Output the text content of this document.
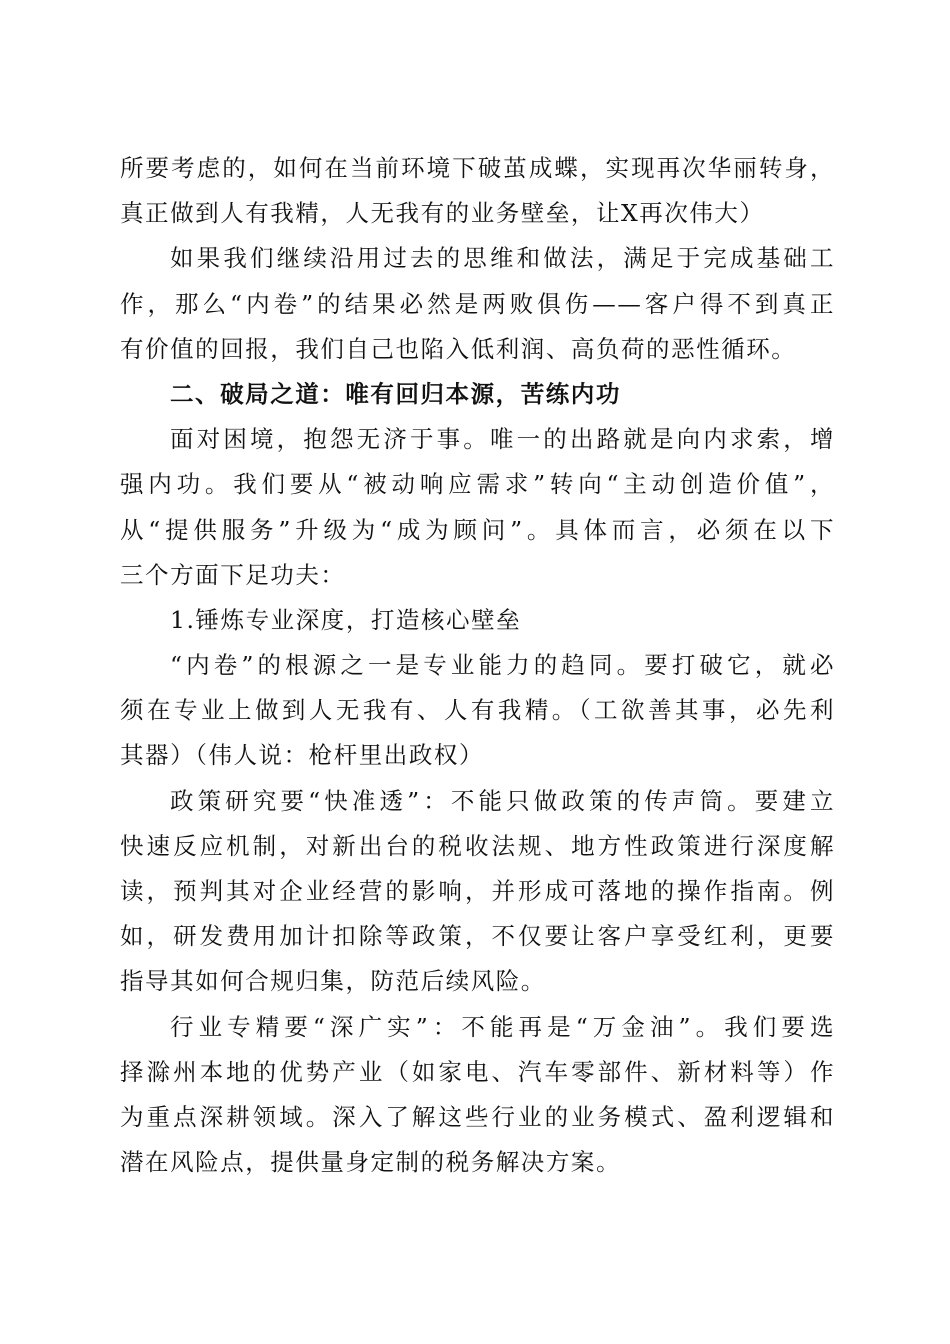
所要考虑的，如何在当前环境下破茧成蝶，实现再次华丽转身，
真正做到人有我精，人无我有的业务壁垒，让X再次伟大）
如果我们继续沿用过去的思维和做法，满足于完成基础工
作，那么“内卷”的结果必然是两败俱伤——客户得不到真正
有价值的回报，我们自己也陷入低利润、高负荷的恶性循环。
二、破局之道：唯有回归本源，苦练内功
面对困境，抱怨无济于事。唯一的出路就是向内求索，增
强内功。我们要从“被动响应需求”转向“主动创造价值”，
从“提供服务”升级为“成为顾问”。具体而言，必须在以下
三个方面下足功夫：
1.锤炼专业深度，打造核心壁垒
“内卷”的根源之一是专业能力的趋同。要打破它，就必
须在专业上做到人无我有、人有我精。（工欲善其事，必先利
其器）（伟人说：枪杆里出政权）
政策研究要“快准透”：不能只做政策的传声筒。要建立
快速反应机制，对新出台的税收法规、地方性政策进行深度解
读，预判其对企业经营的影响，并形成可落地的操作指南。例
如，研发费用加计扣除等政策，不仅要让客户享受红利，更要
指导其如何合规归集，防范后续风险。
行业专精要“深广实”：不能再是“万金油”。我们要选
择滁州本地的优势产业（如家电、汽车零部件、新材料等）作
为重点深耕领域。深入了解这些行业的业务模式、盈利逻辑和
潜在风险点，提供量身定制的税务解决方案。
